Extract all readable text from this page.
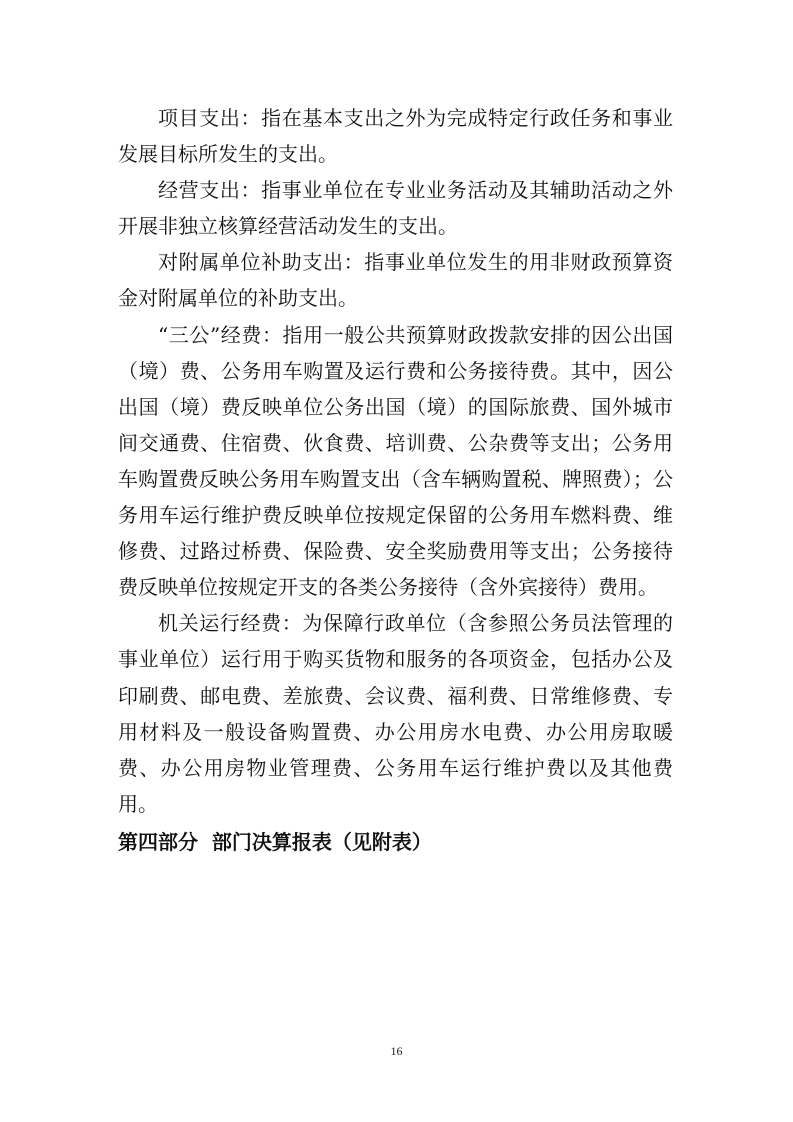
项目支出：指在基本支出之外为完成特定行政任务和事业发展目标所发生的支出。

经营支出：指事业单位在专业业务活动及其辅助活动之外开展非独立核算经营活动发生的支出。

对附属单位补助支出：指事业单位发生的用非财政预算资金对附属单位的补助支出。

“三公”经费：指用一般公共预算财政拨款安排的因公出国（境）费、公务用车购置及运行费和公务接待费。其中，因公出国（境）费反映单位公务出国（境）的国际旅费、国外城市间交通费、住宿费、伙食费、培训费、公杂费等支出；公务用车购置费反映公务用车购置支出（含车辆购置税、牌照费）；公务用车运行维护费反映单位按规定保留的公务用车燃料费、维修费、过路过桥费、保险费、安全奖励费用等支出；公务接待费反映单位按规定开支的各类公务接待（含外宾接待）费用。

机关运行经费：为保障行政单位（含参照公务员法管理的事业单位）运行用于购买货物和服务的各项资金，包括办公及印刷费、邮电费、差旅费、会议费、福利费、日常维修费、专用材料及一般设备购置费、办公用房水电费、办公用房取暖费、办公用房物业管理费、公务用车运行维护费以及其他费用。

第四部分  部门决算报表（见附表）

16
